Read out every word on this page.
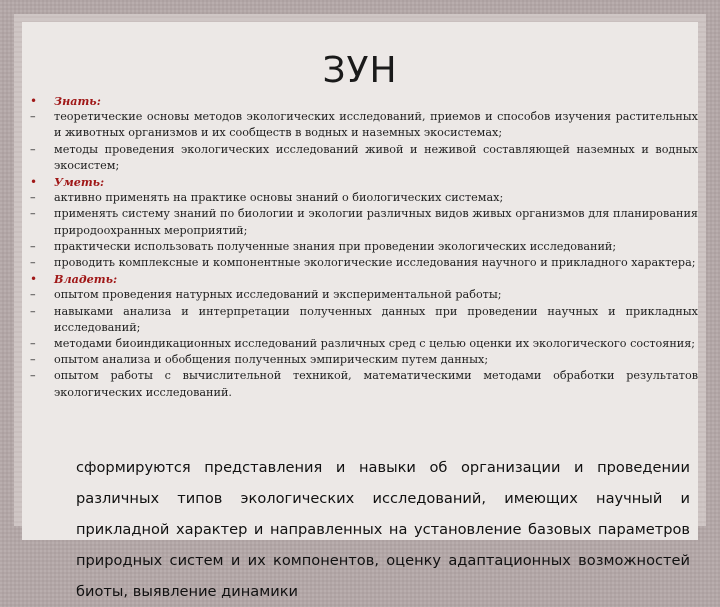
ЗУН
•	Знать:
–	теоретические основы методов экологических исследований, приемов и способов изучения растительных и животных организмов и их сообществ в водных и наземных экосистемах;
–	методы проведения экологических исследований живой и неживой составляющей наземных и водных экосистем;
•	Уметь:
–	активно применять на практике основы знаний о биологических системах;
–	применять систему знаний по биологии и экологии различных видов живых организмов для планирования природоохранных мероприятий;
–	практически использовать полученные знания при проведении экологических исследований;
–	проводить комплексные и компонентные экологические исследования научного и прикладного характера;
•	Владеть:
–	опытом проведения натурных исследований и экспериментальной работы;
–	навыками анализа и интерпретации полученных данных при проведении научных и прикладных исследований;
–	методами биоиндикационных исследований различных сред с целью оценки их экологического состояния;
–	опытом анализа и обобщения полученных эмпирическим путем данных;
–	опытом работы с вычислительной техникой, математическими методами обработки результатов экологических исследований.
сформируются представления и навыки об организации и проведении различных типов экологических исследований, имеющих научный и прикладной характер и направленных на установление базовых параметров природных систем и их компонентов, оценку адаптационных возможностей биоты, выявление динамики
